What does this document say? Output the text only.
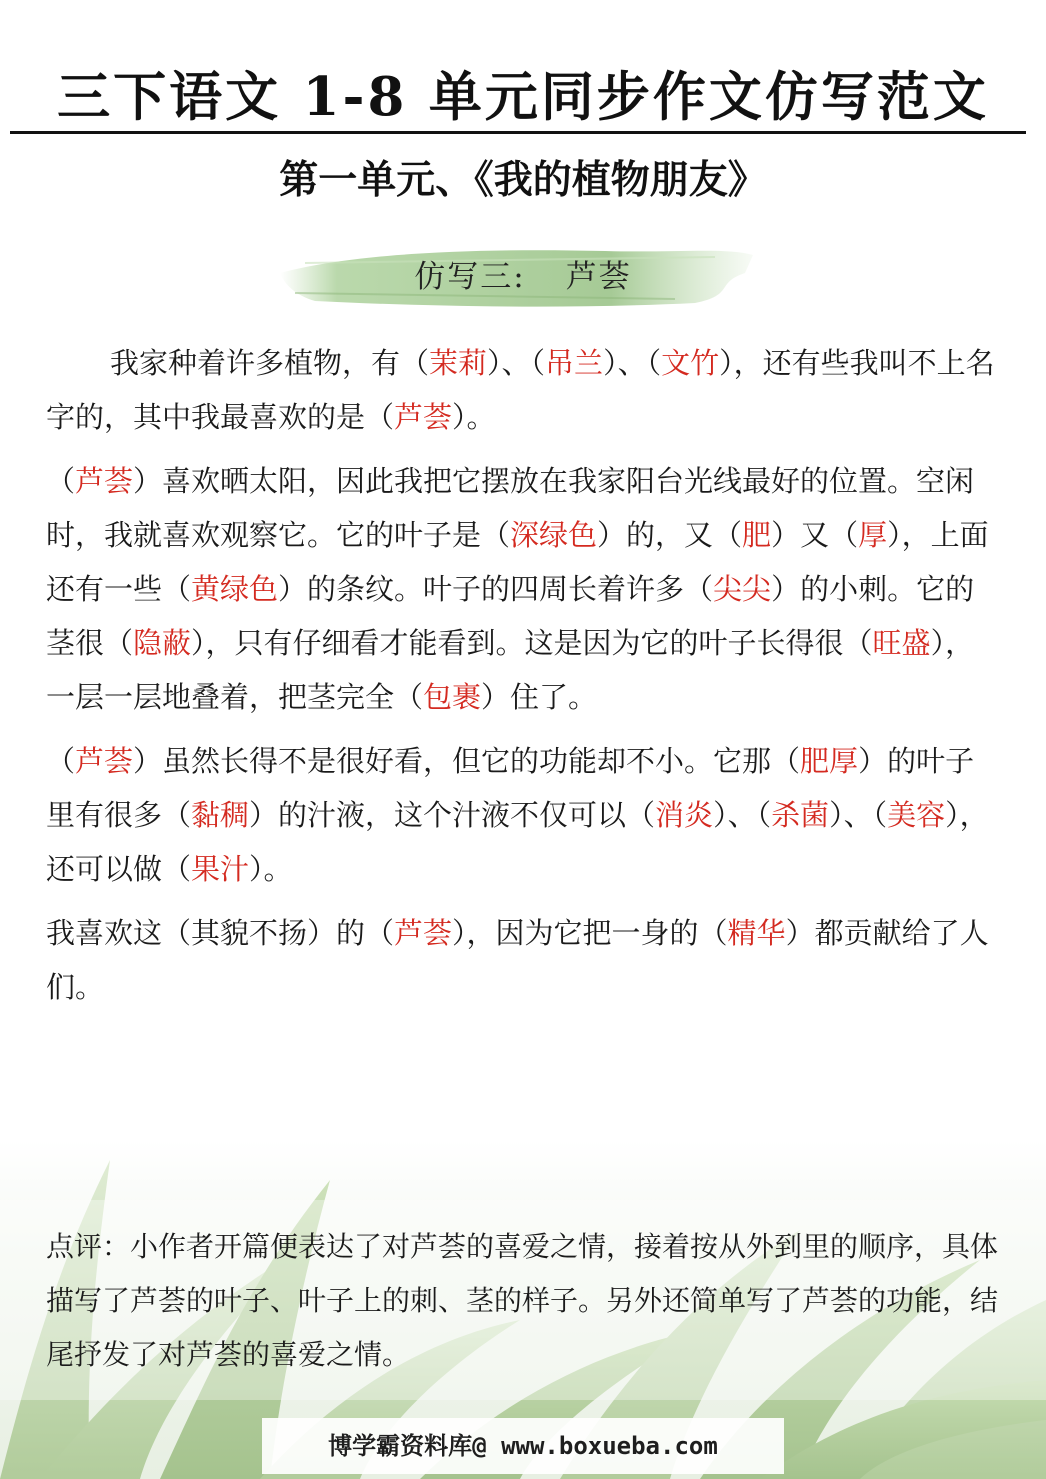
三下语文 1-8 单元同步作文仿写范文
第一单元、《我的植物朋友》
仿写三: 芦荟

我家种着许多植物，有（茉莉）、（吊兰）、（文竹），还有些我叫不上名字的，其中我最喜欢的是（芦荟）。

（芦荟）喜欢晒太阳，因此我把它摆放在我家阳台光线最好的位置。空闲时，我就喜欢观察它。它的叶子是（深绿色）的，又（肥）又（厚），上面还有一些（黄绿色）的条纹。叶子的四周长着许多（尖尖）的小刺。它的茎很（隐蔽），只有仔细看才能看到。这是因为它的叶子长得很（旺盛），一层一层地叠着，把茎完全（包裹）住了。

（芦荟）虽然长得不是很好看，但它的功能却不小。它那（肥厚）的叶子里有很多（黏稠）的汁液，这个汁液不仅可以（消炎）、（杀菌）、（美容），还可以做（果汁）。

我喜欢这（其貌不扬）的（芦荟），因为它把一身的（精华）都贡献给了人们。

点评：小作者开篇便表达了对芦荟的喜爱之情，接着按从外到里的顺序，具体描写了芦荟的叶子、叶子上的刺、茎的样子。另外还简单写了芦荟的功能，结尾抒发了对芦荟的喜爱之情。
博学霸资料库@ www.boxueba.com
